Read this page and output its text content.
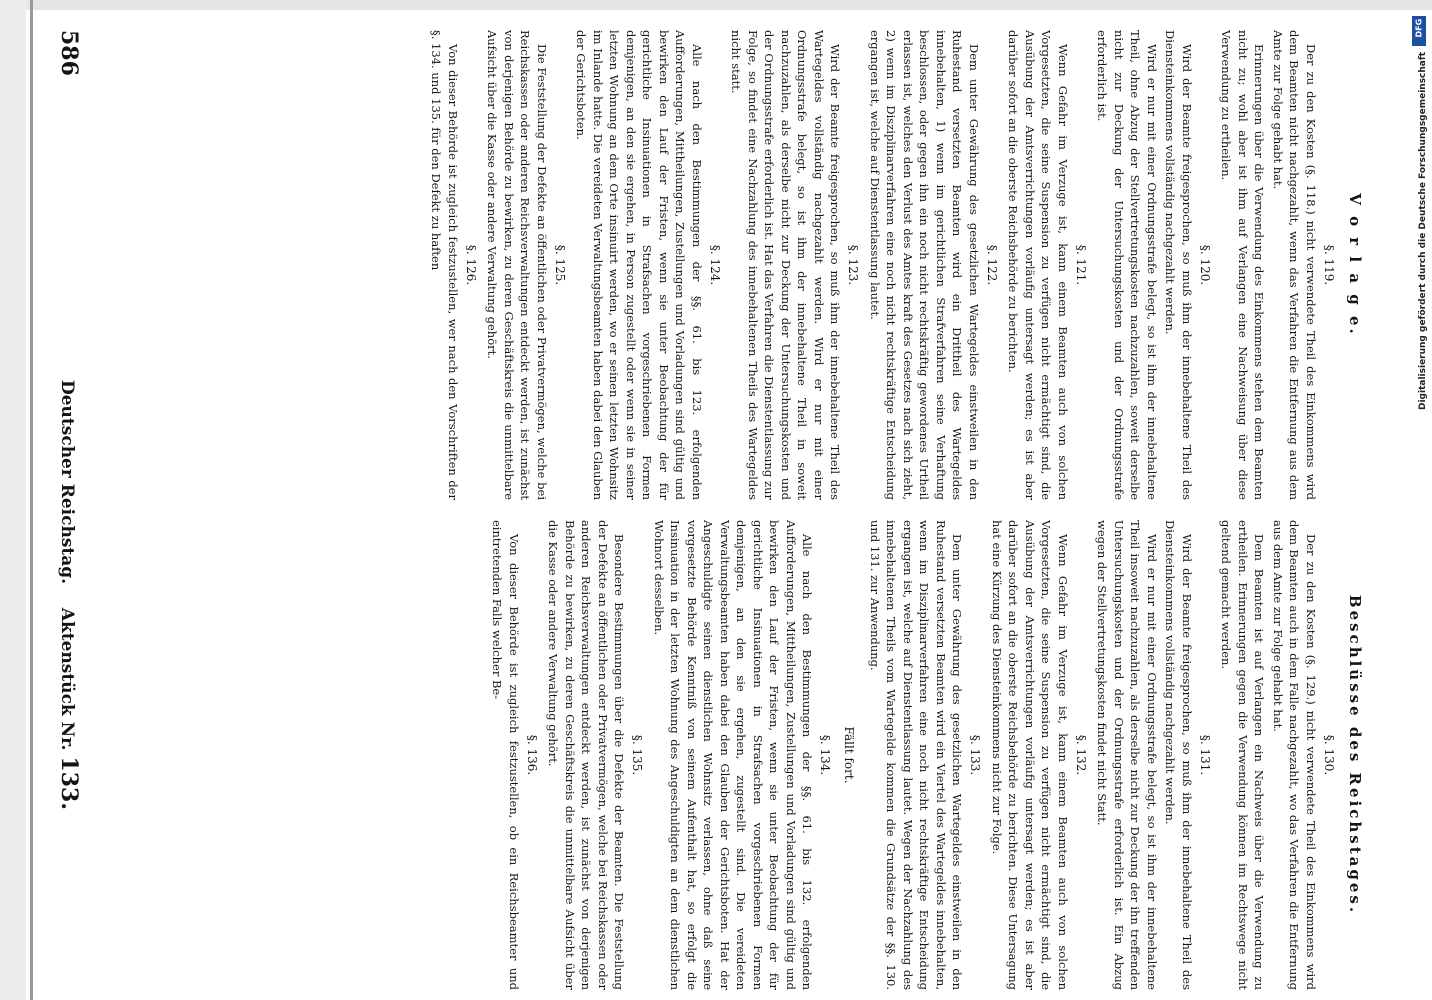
586
Deutscher Reichstag.    Aktenstück Nr. 133.
V o r l a g e.
§. 119.
Der zu den Kosten (§. 118.) nicht verwendete Theil des Einkommens wird dem Beamten nicht nachgezahlt, wenn das Verfahren die Entfernung aus dem Amte zur Folge gehabt hat.
Erinnerungen über die Verwendung des Einkommens stehen dem Beamten nicht zu; wohl aber ist ihm auf Verlangen eine Nachweisung über diese Verwendung zu ertheilen.
§. 120.
Wird der Beamte freigesprochen, so muß ihm der innebehaltene Theil des Diensteinkommens vollständig nachgezahlt werden.
Wird er nur mit einer Ordnungsstrafe belegt, so ist ihm der innebehaltene Theil, ohne Abzug der Stellvertretungskosten nachzuzahlen, soweit derselbe nicht zur Deckung der Untersuchungskosten und der Ordnungsstrafe erforderlich ist.
§. 121.
Wenn Gefahr im Verzuge ist, kann einem Beamten auch von solchen Vorgesetzten, die seine Suspension zu verfügen nicht ermächtigt sind, die Ausübung der Amtsverrichtungen vorläufig untersagt werden; es ist aber darüber sofort an die oberste Reichsbehörde zu berichten.
§. 122.
Dem unter Gewährung des gesetzlichen Wartegeldes einstweilen in den Ruhestand versetzten Beamten wird ein Drittheil des Wartegeldes innebehalten, 1) wenn im gerichtlichen Strafverfahren seine Verhaftung beschlossen, oder gegen ihn ein noch nicht rechtskräftig gewordenes Urtheil erlassen ist, welches den Verlust des Amtes kraft des Gesetzes nach sich zieht, 2) wenn im Disziplinarverfahren eine noch nicht rechtskräftige Entscheidung ergangen ist, welche auf Dienstentlassung lautet.
§. 123.
Wird der Beamte freigesprochen, so muß ihm der innebehaltene Theil des Wartegeldes vollständig nachgezahlt werden. Wird er nur mit einer Ordnungsstrafe belegt, so ist ihm der innebehaltene Theil in soweit nachzuzahlen, als derselbe nicht zur Deckung der Untersuchungskosten und der Ordnungsstrafe erforderlich ist. Hat das Verfahren die Dienstentlassung zur Folge, so findet eine Nachzahlung des innebehaltenen Theils des Wartegeldes nicht statt.
§. 124.
Alle nach den Bestimmungen der §§. 61. bis 123. erfolgenden Aufforderungen, Mittheilungen, Zustellungen und Vorladungen sind gültig und bewirken den Lauf der Fristen, wenn sie unter Beobachtung der für gerichtliche Insinuationen in Strafsachen vorgeschriebenen Formen demjenigen, an den sie ergehen, in Person zugestellt oder wenn sie in seiner letzten Wohnung an dem Orte insinuirt werden, wo er seinen letzten Wohnsitz im Inlande hatte. Die vereideten Verwaltungsbeamten haben dabei den Glauben der Gerichtsboten.
§. 125.
Die Feststellung der Defekte an öffentlichen oder Privatvermögen, welche bei Reichskassen oder anderen Reichsverwaltungen entdeckt werden, ist zunächst von derjenigen Behörde zu bewirken, zu deren Geschäftskreis die unmittelbare Aufsicht über die Kasse oder andere Verwaltung gehört.
§. 126.
Von dieser Behörde ist zugleich festzustellen, wer nach den Vorschriften der §. 134. und 135. für den Defekt zu haften
Beschlüsse des Reichstages.
§. 130.
Der zu den Kosten (§. 129.) nicht verwendete Theil des Einkommens wird dem Beamten auch in dem Falle nachgezahlt, wo das Verfahren die Entfernung aus dem Amte zur Folge gehabt hat.
Dem Beamten ist auf Verlangen ein Nachweis über die Verwendung zu ertheilen. Erinnerungen gegen die Verwendung können im Rechtswege nicht geltend gemacht werden.
§. 131.
Wird der Beamte freigesprochen, so muß ihm der innebehaltene Theil des Diensteinkommens vollständig nachgezahlt werden.
Wird er nur mit einer Ordnungsstrafe belegt, so ist ihm der innebehaltene Theil insoweit nachzuzahlen, als derselbe nicht zur Deckung der ihn treffenden Untersuchungskosten und der Ordnungsstrafe erforderlich ist. Ein Abzug wegen der Stellvertretungskosten findet nicht Statt.
§. 132.
Wenn Gefahr im Verzuge ist, kann einem Beamten auch von solchen Vorgesetzten, die seine Suspension zu verfügen nicht ermächtigt sind, die Ausübung der Amtsverrichtungen vorläufig untersagt werden; es ist aber darüber sofort an die oberste Reichsbehörde zu berichten. Diese Untersagung hat eine Kürzung des Diensteinkommens nicht zur Folge.
§. 133.
Dem unter Gewährung des gesetzlichen Wartegeldes einstweilen in den Ruhestand versetzten Beamten wird ein Viertel des Wartegeldes innebehalten, wenn im Disziplinarverfahren eine noch nicht rechtskräftige Entscheidung ergangen ist, welche auf Dienstentlassung lautet. Wegen der Nachzahlung des innebehaltenen Theils vom Wartegelde kommen die Grundsätze der §§. 130. und 131. zur Anwendung.
Fällt fort.
§. 134.
Alle nach den Bestimmungen der §§. 61. bis 132. erfolgenden Aufforderungen, Mittheilungen, Zustellungen und Vorladungen sind gültig und bewirken den Lauf der Fristen, wenn sie unter Beobachtung der für gerichtliche Insinuationen in Strafsachen vorgeschriebenen Formen demjenigen, an den sie ergehen, zugestellt sind. Die vereideten Verwaltungsbeamten haben dabei den Glauben der Gerichtsboten. Hat der Angeschuldigte seinen dienstlichen Wohnsitz verlassen, ohne daß seine vorgesetzte Behörde Kenntniß von seinem Aufenthalt hat, so erfolgt die Insinuation in der letzten Wohnung des Angeschuldigten an dem dienstlichen Wohnort desselben.
§. 135.
Besondere Bestimmungen über die Defekte der Beamten. Die Feststellung der Defekte an öffentlichen oder Privatvermögen, welche bei Reichskassen oder anderen Reichsverwaltungen entdeckt werden, ist zunächst von derjenigen Behörde zu bewirken, zu deren Geschäftskreis die unmittelbare Aufsicht über die Kasse oder andere Verwaltung gehört.
§. 136.
Von dieser Behörde ist zugleich festzustellen, ob ein Reichsbeamter und eintretenden Falls welcher Be-
DFG
Digitalisierung gefördert durch die Deutsche Forschungsgemeinschaft
